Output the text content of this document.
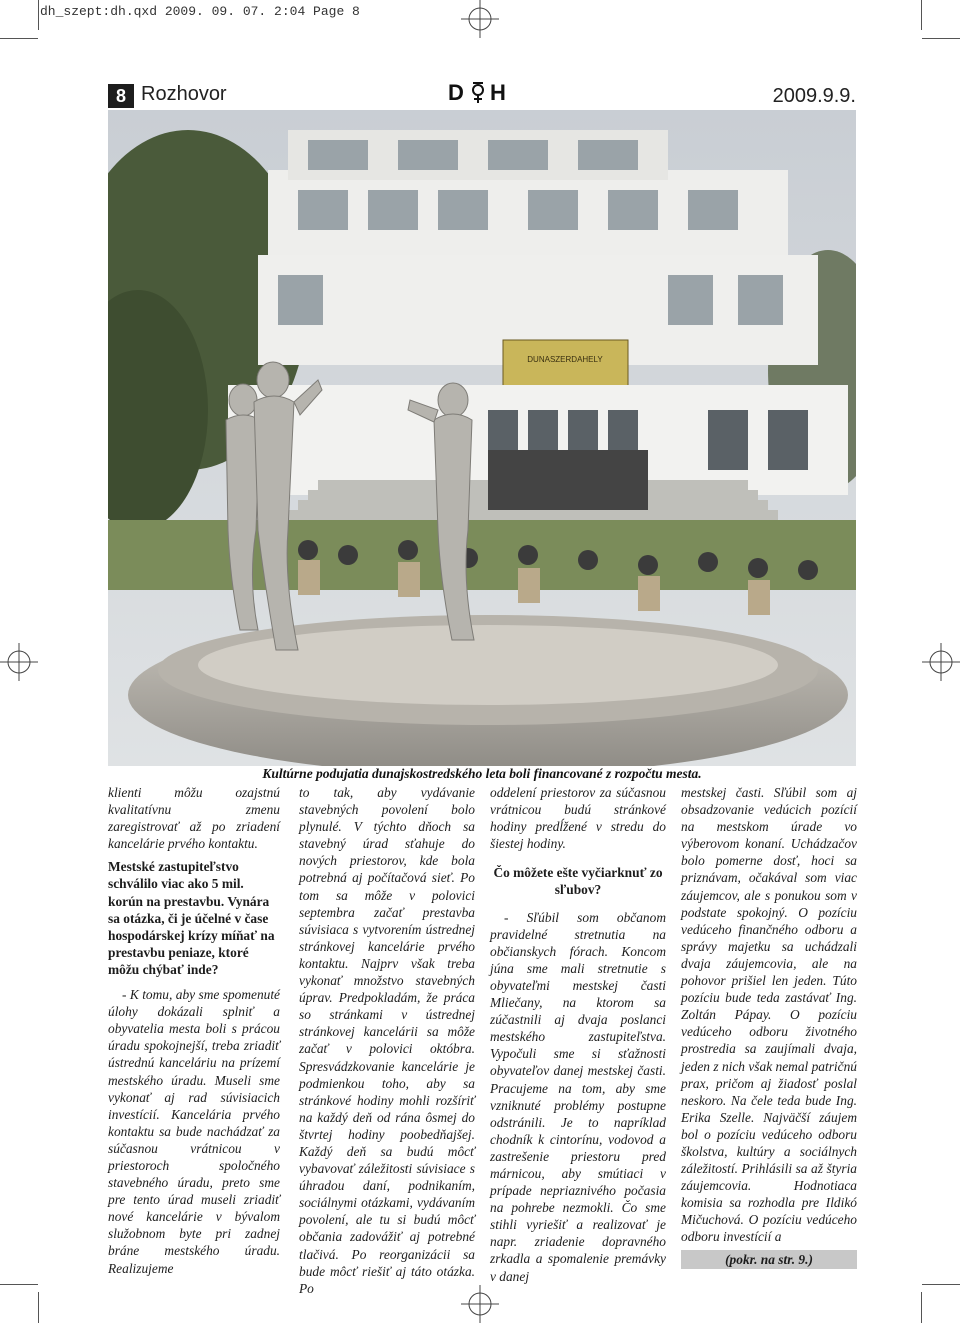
dh_szept:dh.qxd 2009. 09. 07. 2:04 Page 8
8 Rozhovor	D H	2009.9.9.
DUNASZERDAHELY
Kultúrne podujatia dunajskostredského leta boli financované z rozpočtu mesta.

klienti môžu ozajstnú kvalitatívnu zmenu zaregistrovať až po zriadení kancelárie prvého kontaktu.

Mestské zastupiteľstvo schválilo viac ako 5 mil. korún na prestavbu. Vynára sa otázka, či je účelné v čase hospodárskej krízy míňať na prestavbu peniaze, ktoré môžu chýbať inde?

- K tomu, aby sme spomenuté úlohy dokázali splniť a obyvatelia mesta boli s prácou úradu spokojnejší, treba zriadiť ústrednú kanceláriu na prízemí mestského úradu. Museli sme vykonať aj rad súvisiacich investícií. Kancelária prvého kontaktu sa bude nachádzať za súčasnou vrátnicou v priestoroch spoločného stavebného úradu, preto sme pre tento úrad museli zriadiť nové kancelárie v bývalom služobnom byte pri zadnej bráne mestského úradu. Realizujeme

to tak, aby vydávanie stavebných povolení bolo plynulé. V týchto dňoch sa stavebný úrad sťahuje do nových priestorov, kde bola potrebná aj počítačová sieť. Po tom sa môže v polovici septembra začať prestavba súvisiaca s vytvorením ústrednej stránkovej kancelárie prvého kontaktu. Najprv však treba vykonať množstvo stavebných úprav. Predpokladám, že práca so stránkami v ústrednej stránkovej kancelárii sa môže začať v polovici októbra. Spresvádzkovanie kancelárie je podmienkou toho, aby sa stránkové hodiny mohli rozšíriť na každý deň od rána ôsmej do štvrtej hodiny poobedňajšej. Každý deň sa budú môcť vybavovať záležitosti súvisiace s úhradou daní, podnikaním, sociálnymi otázkami, vydávaním povolení, ale tu si budú môcť občania zadovážiť aj potrebné tlačivá. Po reorganizácii sa bude môcť riešiť aj táto otázka. Po

oddelení priestorov za súčasnou vrátnicou budú stránkové hodiny predĺžené v stredu do šiestej hodiny.

Čo môžete ešte vyčiarknuť zo sľubov?

- Sľúbil som občanom pravidelné stretnutia na občianskych fórach. Koncom júna sme mali stretnutie s obyvateľmi mestskej časti Mliečany, na ktorom sa zúčastnili aj dvaja poslanci mestského zastupiteľstva. Vypočuli sme si sťažnosti obyvateľov danej mestskej časti. Pracujeme na tom, aby sme vzniknuté problémy postupne odstránili. Je to napríklad chodník k cintorínu, vodovod a zastrešenie priestoru pred márnicou, aby smútiaci v prípade nepriaznivého počasia na pohrebe nezmokli. Čo sme stihli vyriešiť a realizovať je napr. zriadenie dopravného zrkadla a spomalenie premávky v danej

mestskej časti. Sľúbil som aj obsadzovanie vedúcich pozícií na mestskom úrade vo výberovom konaní. Uchádzačov bolo pomerne dosť, hoci sa priznávam, očakával som viac záujemcov, ale s ponukou som v podstate spokojný. O pozíciu vedúceho finančného odboru a správy majetku sa uchádzali dvaja záujemcovia, ale na pohovor prišiel len jeden. Túto pozíciu bude teda zastávať Ing. Zoltán Pápay. O pozíciu vedúceho odboru životného prostredia sa zaujímali dvaja, jeden z nich však nemal patričnú prax, pričom aj žiadosť poslal neskoro. Na čele teda bude Ing. Erika Szelle. Najväčší záujem bol o pozíciu vedúceho odboru školstva, kultúry a sociálnych záležitostí. Prihlásili sa až štyria záujemcovia. Hodnotiaca komisia sa rozhodla pre Ildikó Mičuchová. O pozíciu vedúceho odboru investícií a

(pokr. na str. 9.)
